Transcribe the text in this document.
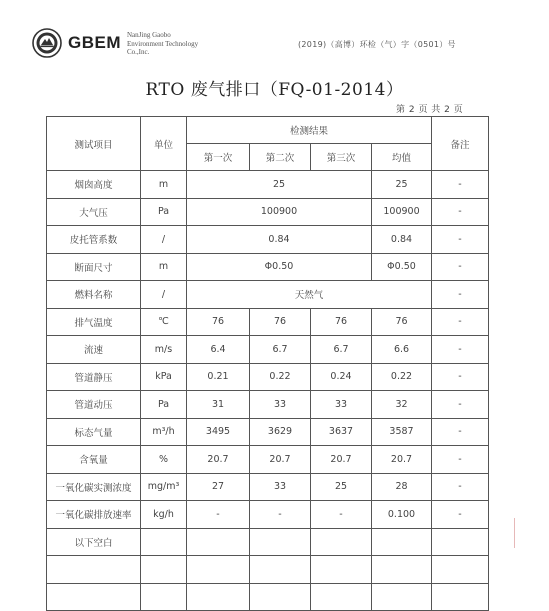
GBEM NanJing Gaobo
Environment Technology
Co.,Inc.
(2019)（高博）环检（气）字（0501）号
RTO 废气排口（FQ-01-2014）
第 2 页 共 2 页
测试项目	单位	检测结果				备注
		第一次	第二次	第三次	均值	
烟囱高度	m	25			25	-
大气压	Pa	100900			100900	-
皮托管系数	/	0.84			0.84	-
断面尺寸	m	Φ0.50			Φ0.50	-
燃料名称	/	天然气				-
排气温度	℃	76	76	76	76	-
流速	m/s	6.4	6.7	6.7	6.6	-
管道静压	kPa	0.21	0.22	0.24	0.22	-
管道动压	Pa	31	33	33	32	-
标态气量	m³/h	3495	3629	3637	3587	-
含氧量	%	20.7	20.7	20.7	20.7	-
一氧化碳实测浓度	mg/m³	27	33	25	28	-
一氧化碳排放速率	kg/h	-	-	-	0.100	-
以下空白						
